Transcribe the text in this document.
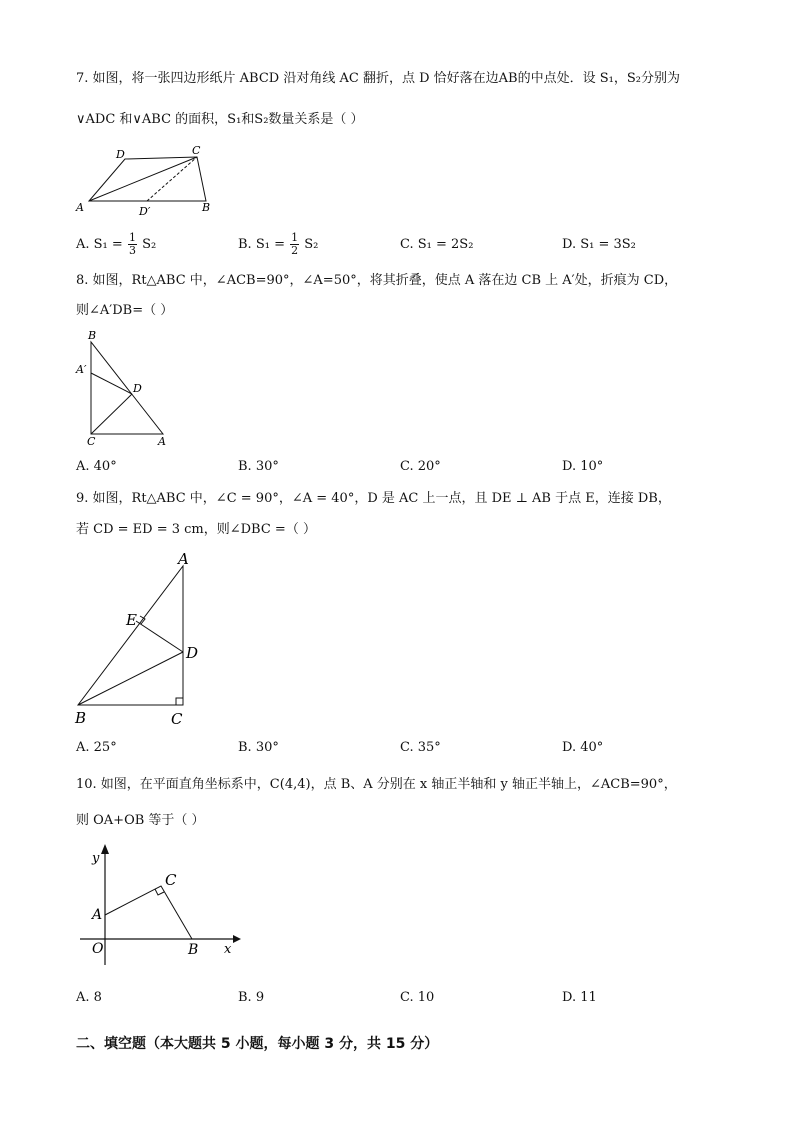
7. 如图，将一张四边形纸片 ABCD 沿对角线 AC 翻折，点 D 恰好落在边AB的中点处．设 S₁，S₂分别为
∨ADC 和∨ABC 的面积，S₁和S₂数量关系是（ ）
D	C
A	D′	B
A. $S_1 = \frac{1}{3} S_2$	B. $S_1 = \frac{1}{2} S_2$	C. S₁ = 2S₂	D. S₁ = 3S₂
8. 如图，Rt△ABC 中，∠ACB=90°，∠A=50°，将其折叠，使点 A 落在边 CB 上 A′处，折痕为 CD，
则∠A′DB=（ ）
B
A′
D
C	A
A. 40°	B. 30°	C. 20°	D. 10°
9. 如图，Rt△ABC 中，∠C = 90°，∠A = 40°，D 是 AC 上一点，且 DE ⊥ AB 于点 E，连接 DB，
若 CD = ED = 3 cm，则∠DBC =（ ）
A
E
D
B	C
A. 25°	B. 30°	C. 35°	D. 40°
10. 如图，在平面直角坐标系中，C(4,4)，点 B、A 分别在 x 轴正半轴和 y 轴正半轴上，∠ACB=90°，
则 OA+OB 等于（ ）
y
C
A
O	B x
A. 8	B. 9	C. 10	D. 11
二、填空题（本大题共 5 小题，每小题 3 分，共 15 分）
